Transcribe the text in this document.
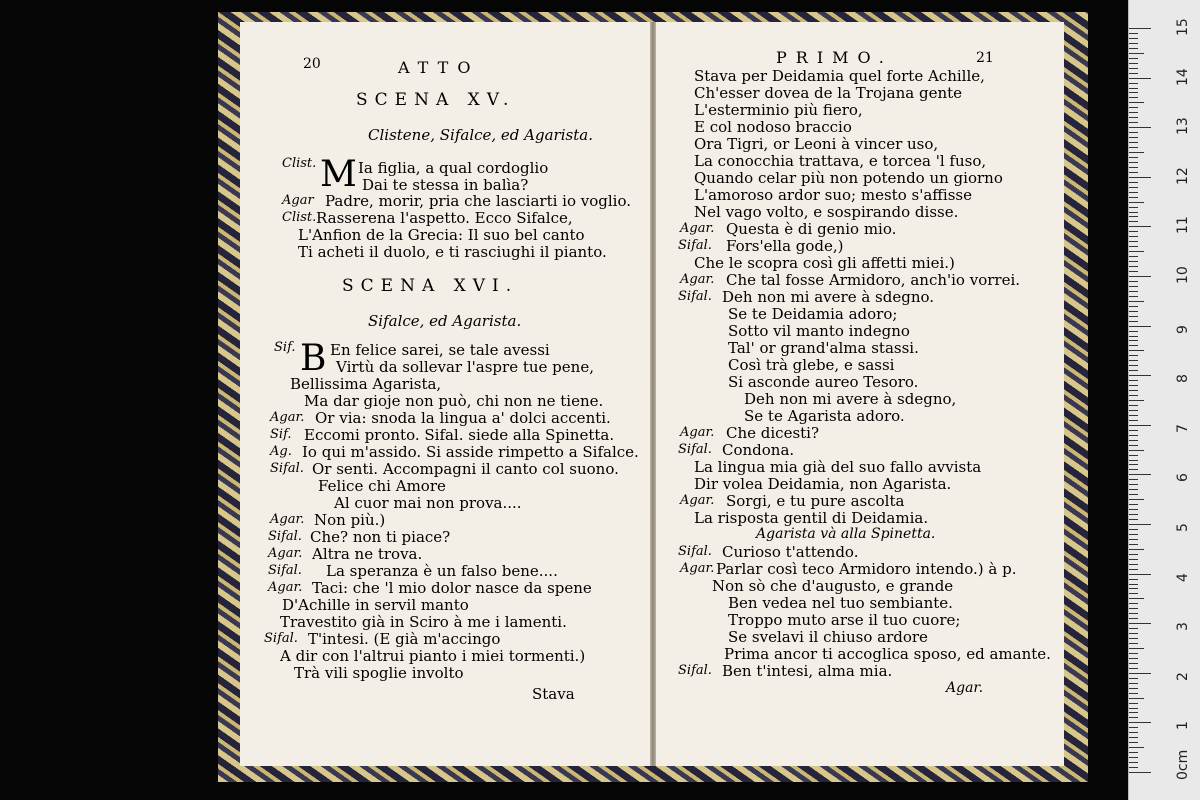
20	ATTO
SCENA XV.
Clistene, Sifalce, ed Agarista.
Clist. M Ia figlia, a qual cordoglio
Dai te stessa in balìa?
Agar Padre, morir, pria che lasciarti io voglio.
Clist. Rasserena l'aspetto. Ecco Sifalce,
L'Anfion de la Grecia: Il suo bel canto
Ti acheti il duolo, e ti rasciughi il pianto.
SCENA XVI.
Sifalce, ed Agarista.
Sif. B En felice sarei, se tale avessi
Virtù da sollevar l'aspre tue pene,
Bellissima Agarista,
Ma dar gioje non può, chi non ne tiene.
Agar. Or via: snoda la lingua a' dolci accenti.
Sif. Eccomi pronto. Sifal. siede alla Spinetta.
Ag. Io qui m'assido. Si asside rimpetto a Sifalce.
Sifal. Or senti. Accompagni il canto col suono.
Felice chi Amore
Al cuor mai non prova....
Agar. Non più.)
Sifal. Che? non ti piace?
Agar. Altra ne trova.
Sifal. La speranza è un falso bene....
Agar. Taci: che 'l mio dolor nasce da spene
D'Achille in servil manto
Travestito già in Sciro à me i lamenti.
Sifal. T'intesi. (E già m'accingo
A dir con l'altrui pianto i miei tormenti.)
Trà vili spoglie involto
Stava
PRIMO.	21
Stava per Deidamia quel forte Achille,
Ch'esser dovea de la Trojana gente
L'esterminio più fiero,
E col nodoso braccio
Ora Tigri, or Leoni à vincer uso,
La conocchia trattava, e torcea 'l fuso,
Quando celar più non potendo un giorno
L'amoroso ardor suo; mesto s'affisse
Nel vago volto, e sospirando disse.
Agar. Questa è di genio mio.
Sifal. Fors'ella gode,)
Che le scopra così gli affetti miei.)
Agar. Che tal fosse Armidoro, anch'io vorrei.
Sifal. Deh non mi avere à sdegno.
Se te Deidamia adoro;
Sotto vil manto indegno
Tal' or grand'alma stassi.
Così trà glebe, e sassi
Si asconde aureo Tesoro.
Deh non mi avere à sdegno,
Se te Agarista adoro.
Agar. Che dicesti?
Sifal. Condona.
La lingua mia già del suo fallo avvista
Dir volea Deidamia, non Agarista.
Agar. Sorgi, e tu pure ascolta
La risposta gentil di Deidamia.
Agarista và alla Spinetta.
Sifal. Curioso t'attendo.
Agar. Parlar così teco Armidoro intendo.) à p.
Non sò che d'augusto, e grande
Ben vedea nel tuo sembiante.
Troppo muto arse il tuo cuore;
Se svelavi il chiuso ardore
Prima ancor ti accoglica sposo, ed amante.
Sifal. Ben t'intesi, alma mia.
Agar.
15
14
13
12
11
10
9
8
7
6
5
4
3
2
1
0cm
